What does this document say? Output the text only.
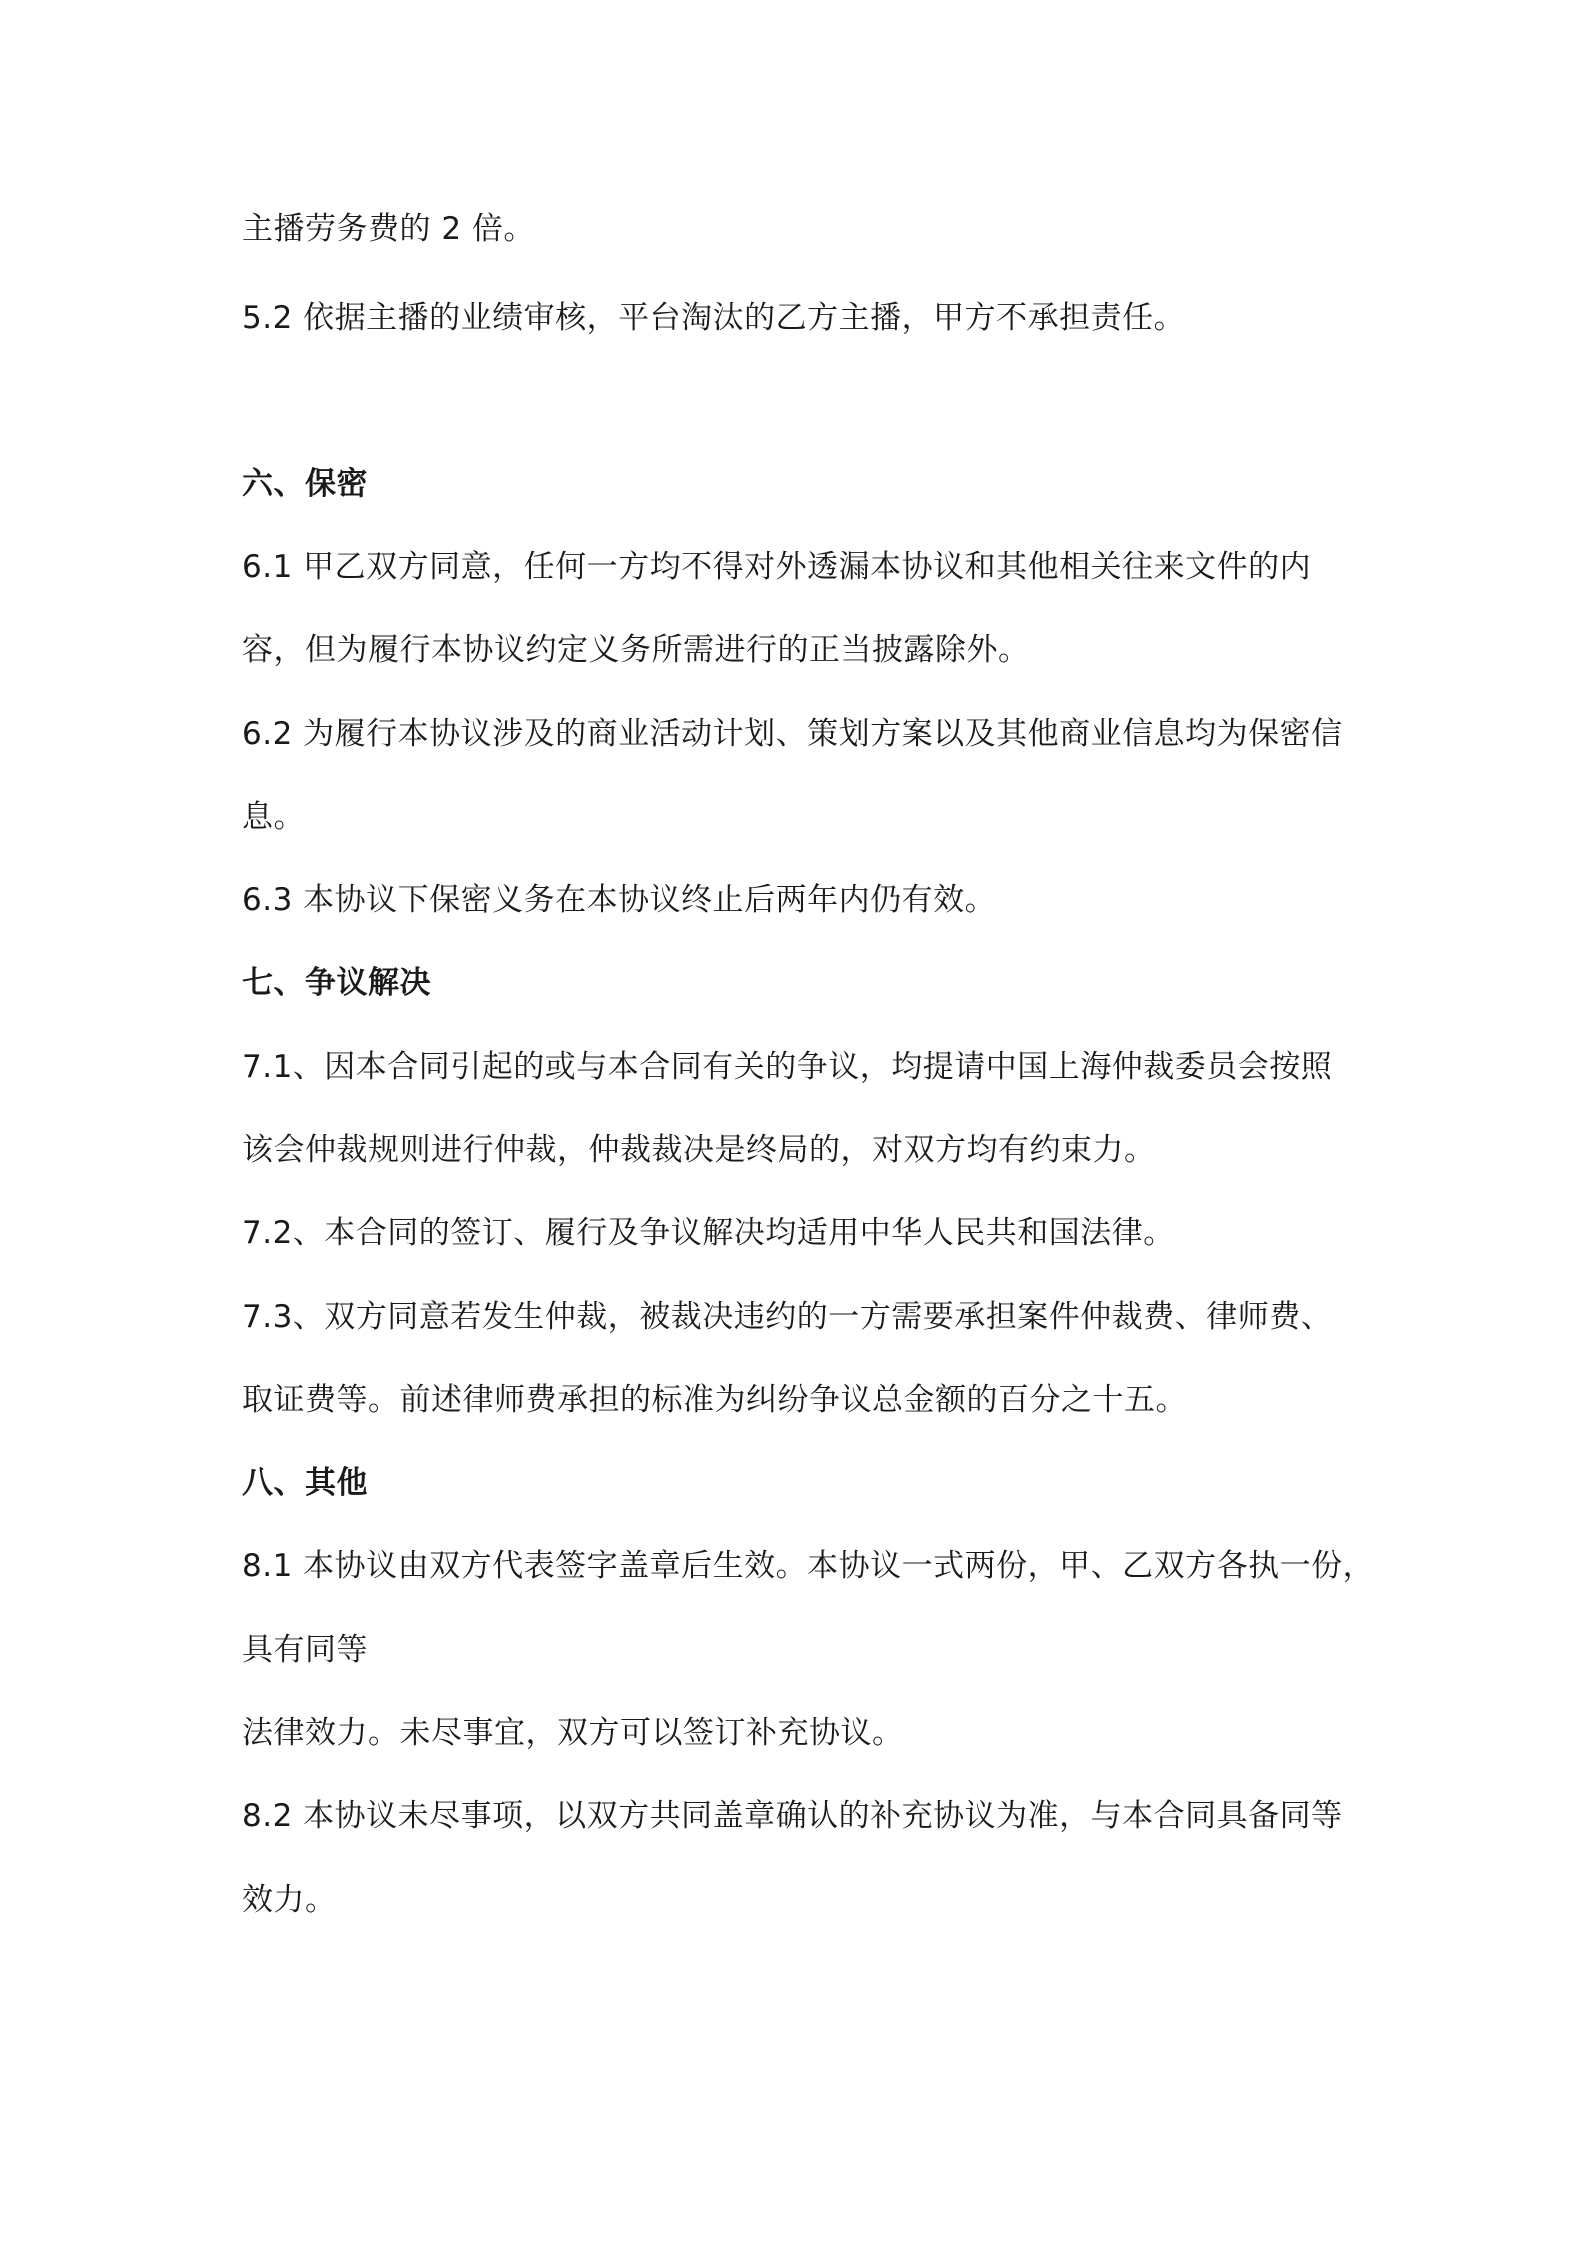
主播劳务费的 2 倍。
5.2 依据主播的业绩审核，平台淘汰的乙方主播，甲方不承担责任。
六、保密
6.1 甲乙双方同意，任何一方均不得对外透漏本协议和其他相关往来文件的内
容，但为履行本协议约定义务所需进行的正当披露除外。
6.2 为履行本协议涉及的商业活动计划、策划方案以及其他商业信息均为保密信
息。
6.3 本协议下保密义务在本协议终止后两年内仍有效。
七、争议解决
7.1、因本合同引起的或与本合同有关的争议，均提请中国上海仲裁委员会按照
该会仲裁规则进行仲裁，仲裁裁决是终局的，对双方均有约束力。
7.2、本合同的签订、履行及争议解决均适用中华人民共和国法律。
7.3、双方同意若发生仲裁，被裁决违约的一方需要承担案件仲裁费、律师费、
取证费等。前述律师费承担的标准为纠纷争议总金额的百分之十五。
八、其他
8.1 本协议由双方代表签字盖章后生效。本协议一式两份，甲、乙双方各执一份，
具有同等
法律效力。未尽事宜，双方可以签订补充协议。
8.2 本协议未尽事项，以双方共同盖章确认的补充协议为准，与本合同具备同等
效力。
